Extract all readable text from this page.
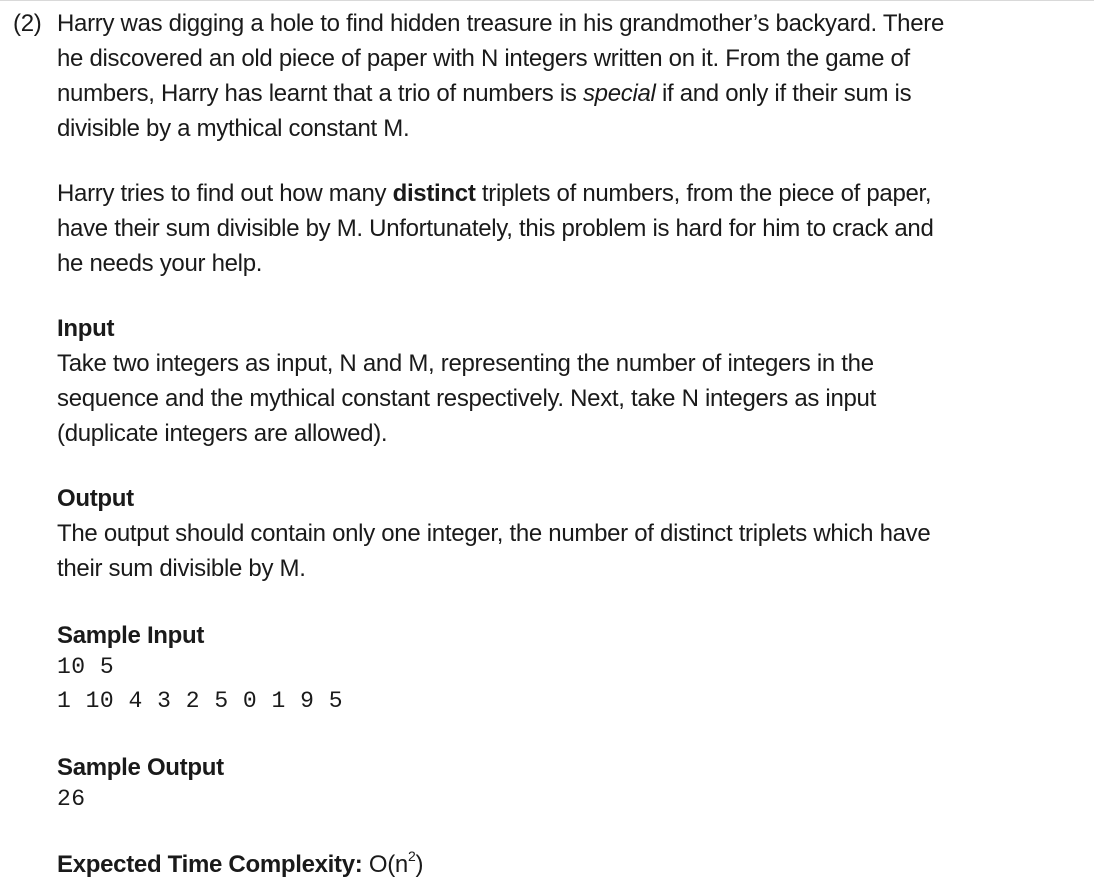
(2) Harry was digging a hole to find hidden treasure in his grandmother’s backyard. There
he discovered an old piece of paper with N integers written on it. From the game of
numbers, Harry has learnt that a trio of numbers is special if and only if their sum is
divisible by a mythical constant M.
Harry tries to find out how many distinct triplets of numbers, from the piece of paper,
have their sum divisible by M. Unfortunately, this problem is hard for him to crack and
he needs your help.
Input
Take two integers as input, N and M, representing the number of integers in the
sequence and the mythical constant respectively. Next, take N integers as input
(duplicate integers are allowed).
Output
The output should contain only one integer, the number of distinct triplets which have
their sum divisible by M.
Sample Input
10 5
1 10 4 3 2 5 0 1 9 5
Sample Output
26
Expected Time Complexity: $O(n^2)$
